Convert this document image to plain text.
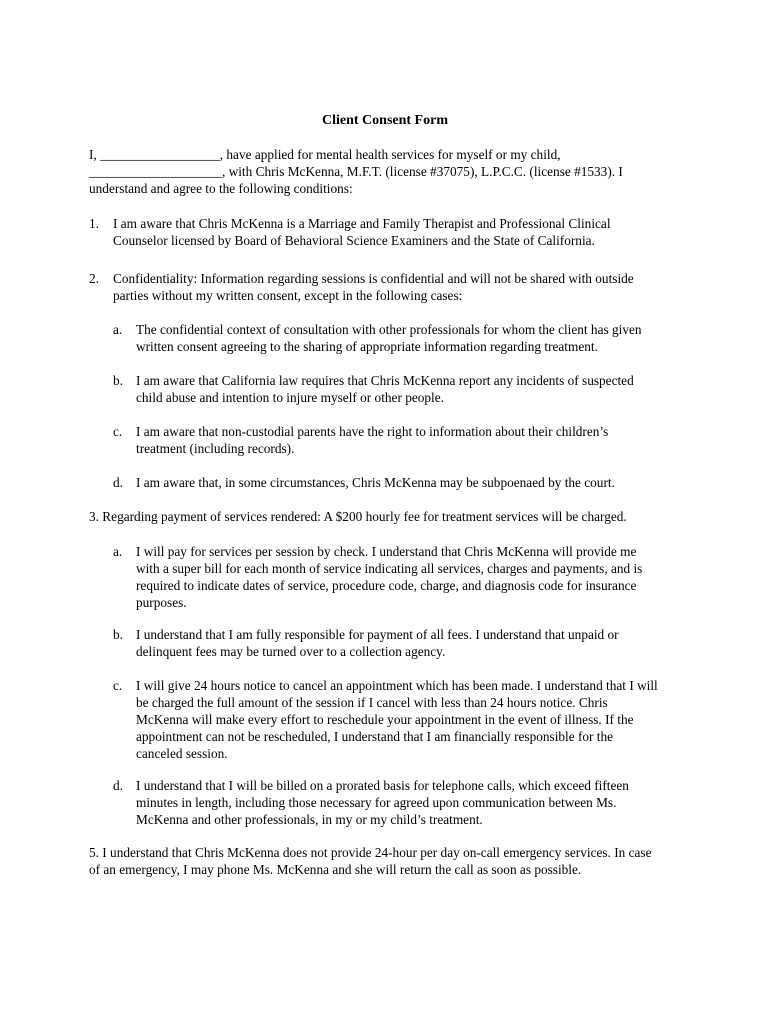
Client Consent Form
I, __________________, have applied for mental health services for myself or my child,
____________________, with Chris McKenna, M.F.T. (license #37075), L.P.C.C. (license #1533). I
understand and agree to the following conditions:
1. I am aware that Chris McKenna is a Marriage and Family Therapist and Professional Clinical
Counselor licensed by Board of Behavioral Science Examiners and the State of California.
2. Confidentiality: Information regarding sessions is confidential and will not be shared with outside
parties without my written consent, except in the following cases:
a. The confidential context of consultation with other professionals for whom the client has given
written consent agreeing to the sharing of appropriate information regarding treatment.
b. I am aware that California law requires that Chris McKenna report any incidents of suspected
child abuse and intention to injure myself or other people.
c. I am aware that non-custodial parents have the right to information about their children’s
treatment (including records).
d. I am aware that, in some circumstances, Chris McKenna may be subpoenaed by the court.
3. Regarding payment of services rendered: A $200 hourly fee for treatment services will be charged.
a. I will pay for services per session by check. I understand that Chris McKenna will provide me
with a super bill for each month of service indicating all services, charges and payments, and is
required to indicate dates of service, procedure code, charge, and diagnosis code for insurance
purposes.
b. I understand that I am fully responsible for payment of all fees. I understand that unpaid or
delinquent fees may be turned over to a collection agency.
c. I will give 24 hours notice to cancel an appointment which has been made. I understand that I will
be charged the full amount of the session if I cancel with less than 24 hours notice. Chris
McKenna will make every effort to reschedule your appointment in the event of illness. If the
appointment can not be rescheduled, I understand that I am financially responsible for the
canceled session.
d. I understand that I will be billed on a prorated basis for telephone calls, which exceed fifteen
minutes in length, including those necessary for agreed upon communication between Ms.
McKenna and other professionals, in my or my child’s treatment.
5. I understand that Chris McKenna does not provide 24-hour per day on-call emergency services. In case
of an emergency, I may phone Ms. McKenna and she will return the call as soon as possible.
